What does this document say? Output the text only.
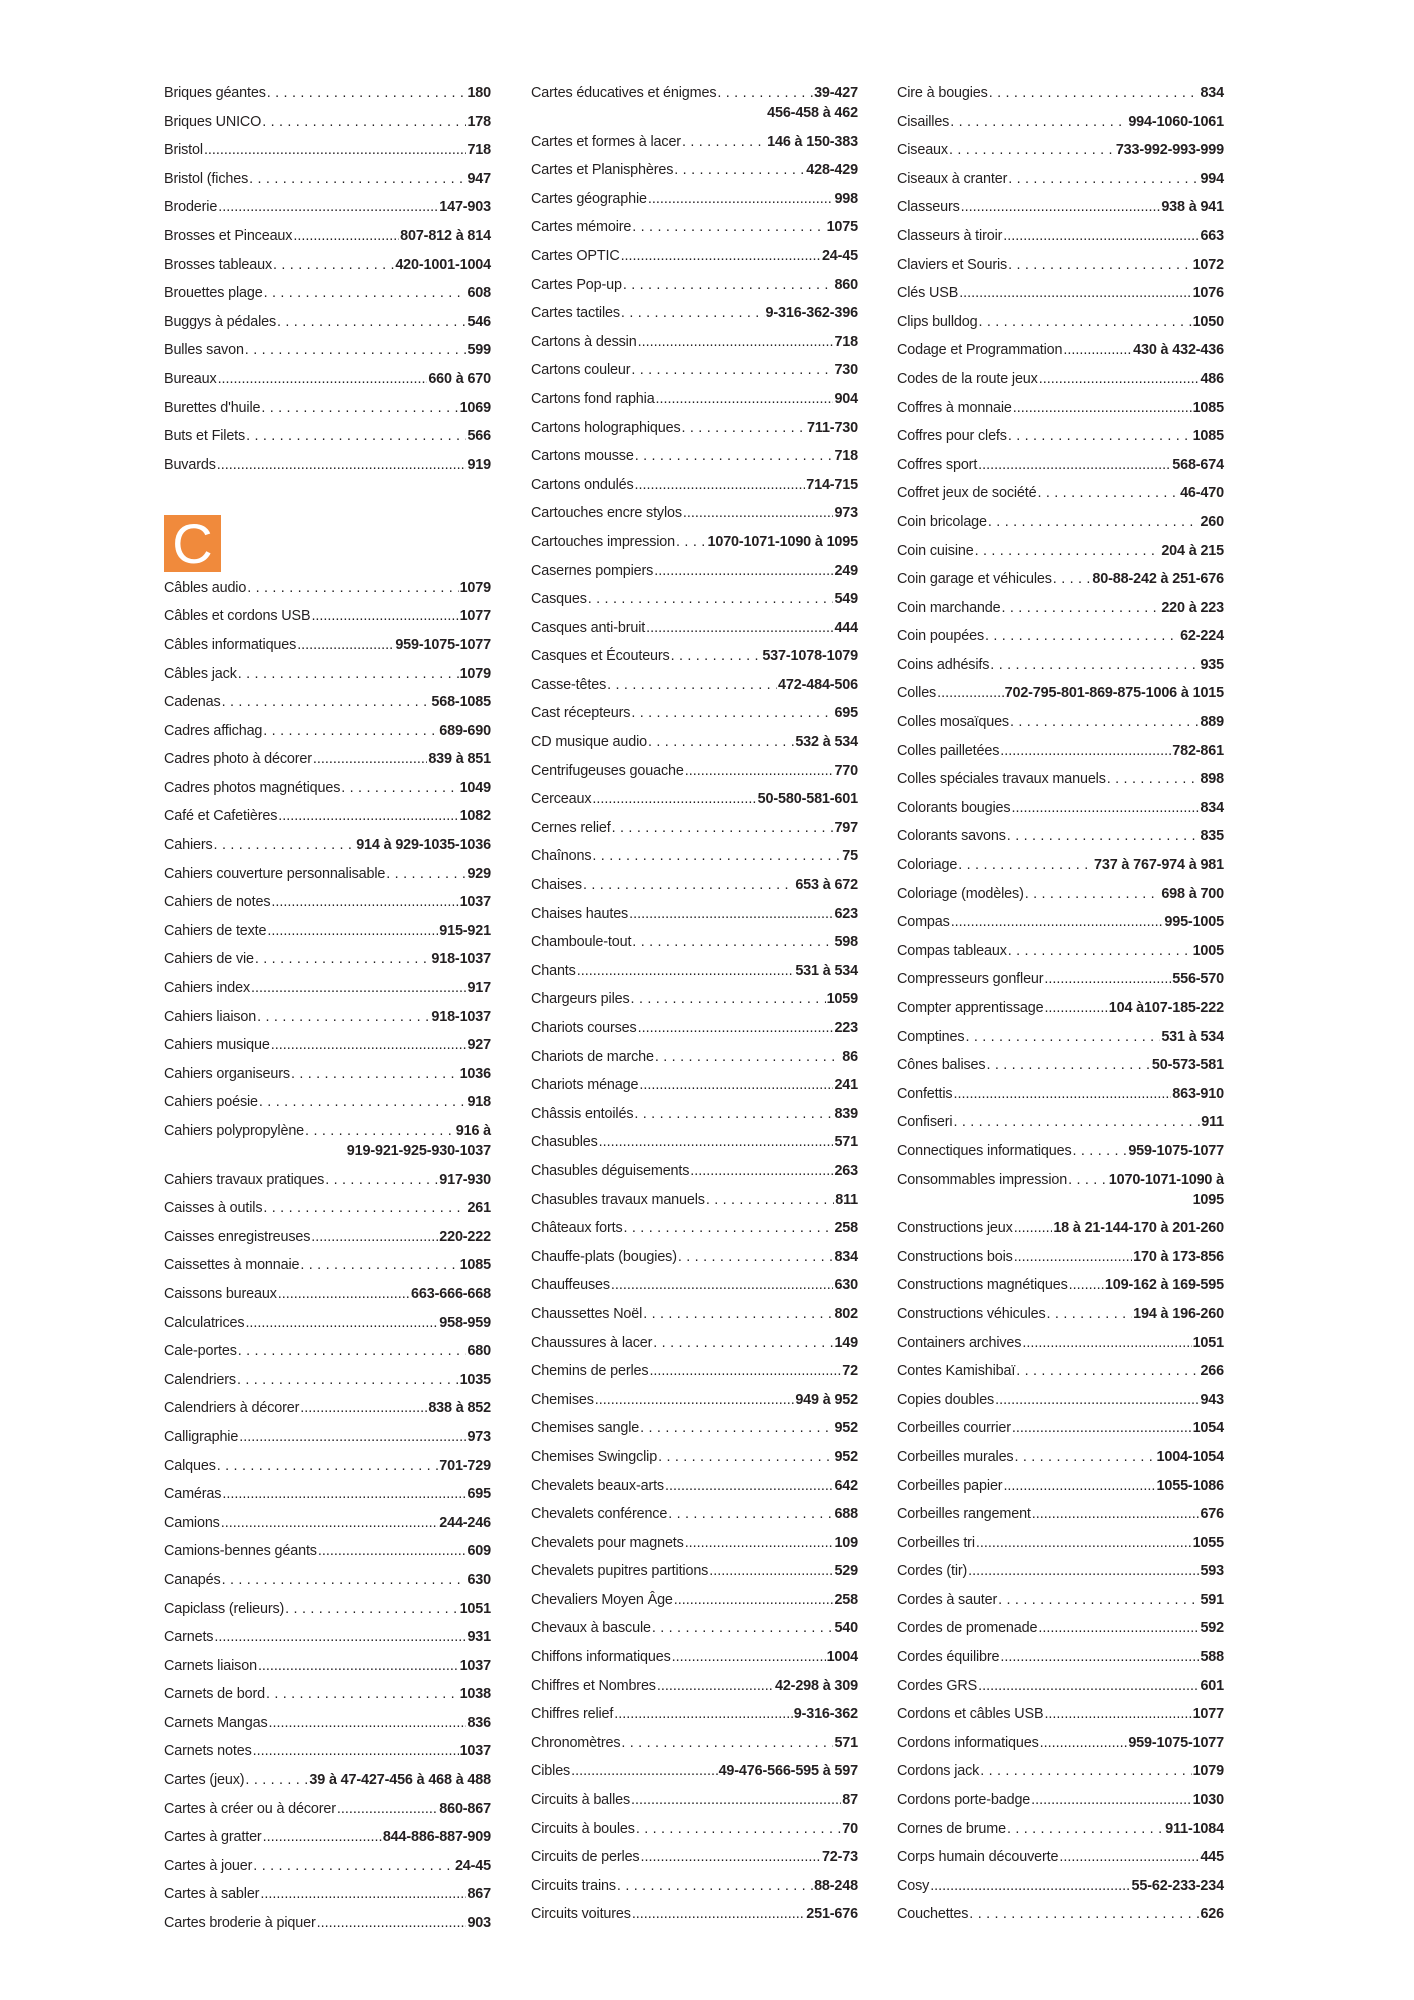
Briques géantes . . .	180
Briques UNICO . . .	178
Bristol .....	718
Bristol (fiches . . .	947
Broderie .....	147-903
Brosses et Pinceaux .....	807-812 à 814
Brosses tableaux . . .	420-1001-1004
Brouettes plage . . .	608
Buggys à pédales . . .	546
Bulles savon . . .	599
Bureaux .....	660 à 670
Burettes d'huile . . .	1069
Buts et Filets . . .	566
Buvards .....	919
C
Câbles audio . . .	1079
Câbles et cordons USB .....	1077
Câbles informatiques .....	959-1075-1077
Câbles jack . . .	1079
Cadenas . . .	568-1085
Cadres affichag . . .	689-690
Cadres photo à décorer .....	839 à 851
Cadres photos magnétiques . . .	1049
Café et Cafetières .....	1082
Cahiers . . .	914 à 929-1035-1036
Cahiers couverture personnalisable . . .	929
Cahiers de notes .....	1037
Cahiers de texte .....	915-921
Cahiers de vie . . .	918-1037
Cahiers index .....	917
Cahiers liaison . . .	918-1037
Cahiers musique .....	927
Cahiers organiseurs . . .	1036
Cahiers poésie . . .	918
Cahiers polypropylène . . .	916 à
919-921-925-930-1037
Cahiers travaux pratiques . . .	917-930
Caisses à outils . . .	261
Caisses enregistreuses .....	220-222
Caissettes à monnaie . . .	1085
Caissons bureaux .....	663-666-668
Calculatrices .....	958-959
Cale-portes . . .	680
Calendriers . . .	1035
Calendriers à décorer .....	838 à 852
Calligraphie .....	973
Calques . . .	701-729
Caméras .....	695
Camions .....	244-246
Camions-bennes géants .....	609
Canapés . . .	630
Capiclass (relieurs) . . .	1051
Carnets .....	931
Carnets liaison .....	1037
Carnets de bord . . .	1038
Carnets Mangas .....	836
Carnets notes .....	1037
Cartes (jeux) . . .	39 à 47-427-456 à 468 à 488
Cartes à créer ou à décorer .....	860-867
Cartes à gratter .....	844-886-887-909
Cartes à jouer . . .	24-45
Cartes à sabler .....	867
Cartes broderie à piquer .....	903
Cartes éducatives et énigmes . . .	39-427
456-458 à 462
Cartes et formes à lacer . . .	146 à 150-383
Cartes et Planisphères . . .	428-429
Cartes géographie .....	998
Cartes mémoire . . .	1075
Cartes OPTIC .....	24-45
Cartes Pop-up . . .	860
Cartes tactiles . . .	9-316-362-396
Cartons à dessin .....	718
Cartons couleur . . .	730
Cartons fond raphia .....	904
Cartons holographiques . . .	711-730
Cartons mousse . . .	718
Cartons ondulés .....	714-715
Cartouches encre stylos .....	973
Cartouches impression . . . 1070-1071-1090 à 1095
Casernes pompiers .....	249
Casques . . .	549
Casques anti-bruit .....	444
Casques et Écouteurs . . .	537-1078-1079
Casse-têtes . . .	472-484-506
Cast récepteurs . . .	695
CD musique audio . . .	532 à 534
Centrifugeuses gouache .....	770
Cerceaux .....	50-580-581-601
Cernes relief . . .	797
Chaînons . . .	75
Chaises . . .	653 à 672
Chaises hautes .....	623
Chamboule-tout . . .	598
Chants .....	531 à 534
Chargeurs piles . . .	1059
Chariots courses .....	223
Chariots de marche . . .	86
Chariots ménage .....	241
Châssis entoilés . . .	839
Chasubles .....	571
Chasubles déguisements .....	263
Chasubles travaux manuels . . .	811
Châteaux forts . . .	258
Chauffe-plats (bougies) . . .	834
Chauffeuses .....	630
Chaussettes Noël . . .	802
Chaussures à lacer . . .	149
Chemins de perles .....	72
Chemises .....	949 à 952
Chemises sangle . . .	952
Chemises Swingclip . . .	952
Chevalets beaux-arts .....	642
Chevalets conférence . . .	688
Chevalets pour magnets .....	109
Chevalets pupitres partitions .....	529
Chevaliers Moyen Âge .....	258
Chevaux à bascule . . .	540
Chiffons informatiques .....	1004
Chiffres et Nombres .....	42-298 à 309
Chiffres relief .....	9-316-362
Chronomètres . . .	571
Cibles .....	49-476-566-595 à 597
Circuits à balles .....	87
Circuits à boules . . .	70
Circuits de perles .....	72-73
Circuits trains . . .	88-248
Circuits voitures .....	251-676
Cire à bougies . . .	834
Cisailles . . .	994-1060-1061
Ciseaux . . .	733-992-993-999
Ciseaux à cranter . . .	994
Classeurs .....	938 à 941
Classeurs à tiroir .....	663
Claviers et Souris . . .	1072
Clés USB .....	1076
Clips bulldog . . .	1050
Codage et Programmation .....	430 à 432-436
Codes de la route jeux .....	486
Coffres à monnaie .....	1085
Coffres pour clefs . . .	1085
Coffres sport .....	568-674
Coffret jeux de société . . .	46-470
Coin bricolage . . .	260
Coin cuisine . . .	204 à 215
Coin garage et véhicules . . .	80-88-242 à 251-676
Coin marchande . . .	220 à 223
Coin poupées . . .	62-224
Coins adhésifs . . .	935
Colles .....	702-795-801-869-875-1006 à 1015
Colles mosaïques . . .	889
Colles pailletées .....	782-861
Colles spéciales travaux manuels . . .	898
Colorants bougies .....	834
Colorants savons . . .	835
Coloriage . . .	737 à 767-974 à 981
Coloriage (modèles) . . .	698 à 700
Compas .....	995-1005
Compas tableaux . . .	1005
Compresseurs gonfleur .....	556-570
Compter apprentissage .....	104 à107-185-222
Comptines . . .	531 à 534
Cônes balises . . .	50-573-581
Confettis .....	863-910
Confiseri . . .	911
Connectiques informatiques . . .	959-1075-1077
Consommables impression . . .	1070-1071-1090 à
1095
Constructions jeux .....	18 à 21-144-170 à 201-260
Constructions bois .....	170 à 173-856
Constructions magnétiques .....	109-162 à 169-595
Constructions véhicules . . .	194 à 196-260
Containers archives .....	1051
Contes Kamishibaï . . .	266
Copies doubles .....	943
Corbeilles courrier .....	1054
Corbeilles murales . . .	1004-1054
Corbeilles papier .....	1055-1086
Corbeilles rangement .....	676
Corbeilles tri .....	1055
Cordes (tir) .....	593
Cordes à sauter . . .	591
Cordes de promenade .....	592
Cordes équilibre .....	588
Cordes GRS .....	601
Cordons et câbles USB .....	1077
Cordons informatiques .....	959-1075-1077
Cordons jack . . .	1079
Cordons porte-badge .....	1030
Cornes de brume . . .	911-1084
Corps humain découverte .....	445
Cosy .....	55-62-233-234
Couchettes . . .	626
